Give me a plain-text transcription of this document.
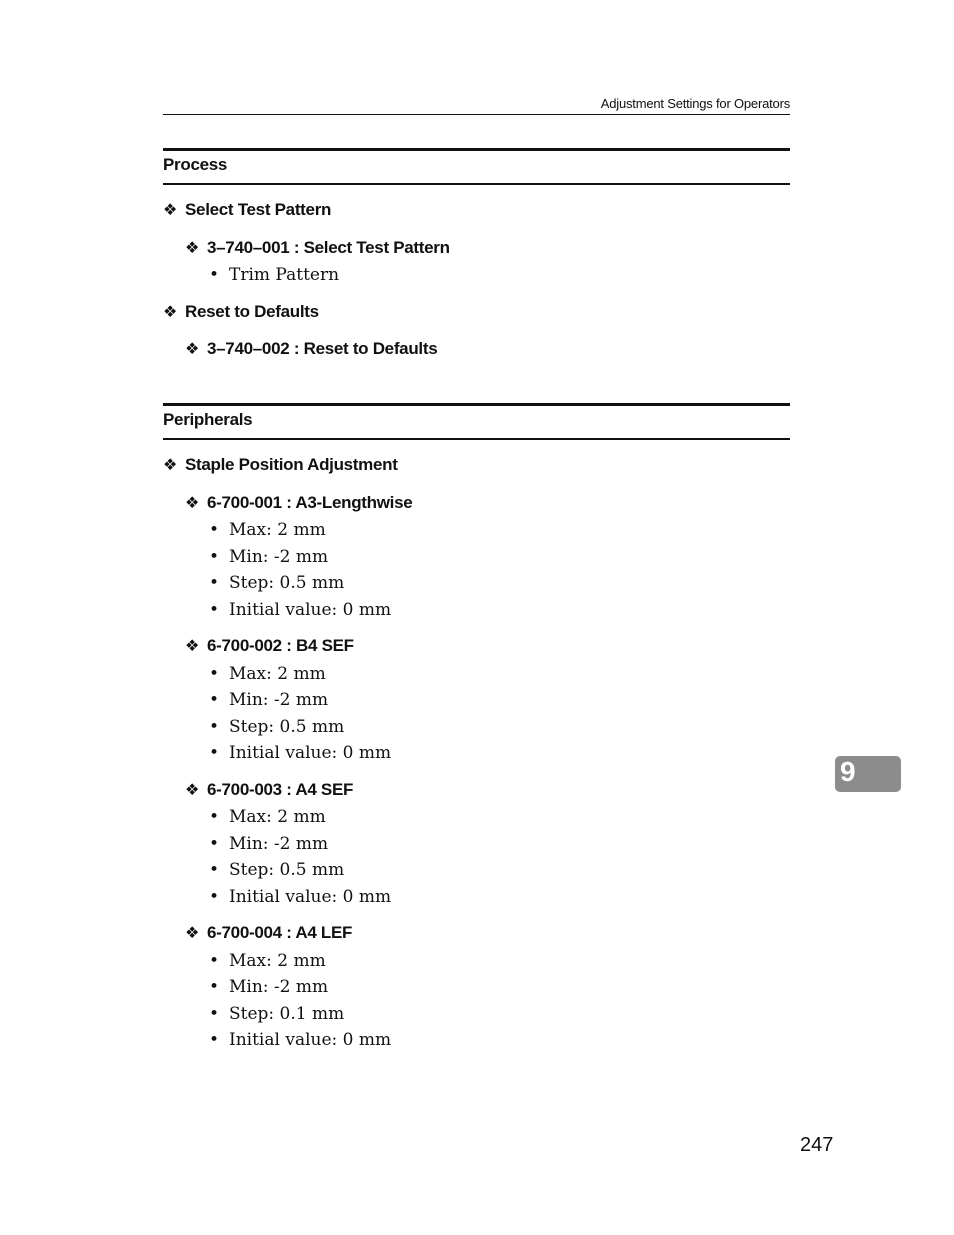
Adjustment Settings for Operators
Process
❖ Select Test Pattern
❖ 3–740–001 : Select Test Pattern
• Trim Pattern
❖ Reset to Defaults
❖ 3–740–002 : Reset to Defaults
Peripherals
❖ Staple Position Adjustment
❖ 6-700-001 : A3-Lengthwise
• Max: 2 mm
• Min: -2 mm
• Step: 0.5 mm
• Initial value: 0 mm
❖ 6-700-002 : B4 SEF
• Max: 2 mm
• Min: -2 mm
• Step: 0.5 mm
• Initial value: 0 mm
❖ 6-700-003 : A4 SEF
• Max: 2 mm
• Min: -2 mm
• Step: 0.5 mm
• Initial value: 0 mm
❖ 6-700-004 : A4 LEF
• Max: 2 mm
• Min: -2 mm
• Step: 0.1 mm
• Initial value: 0 mm
9
247
